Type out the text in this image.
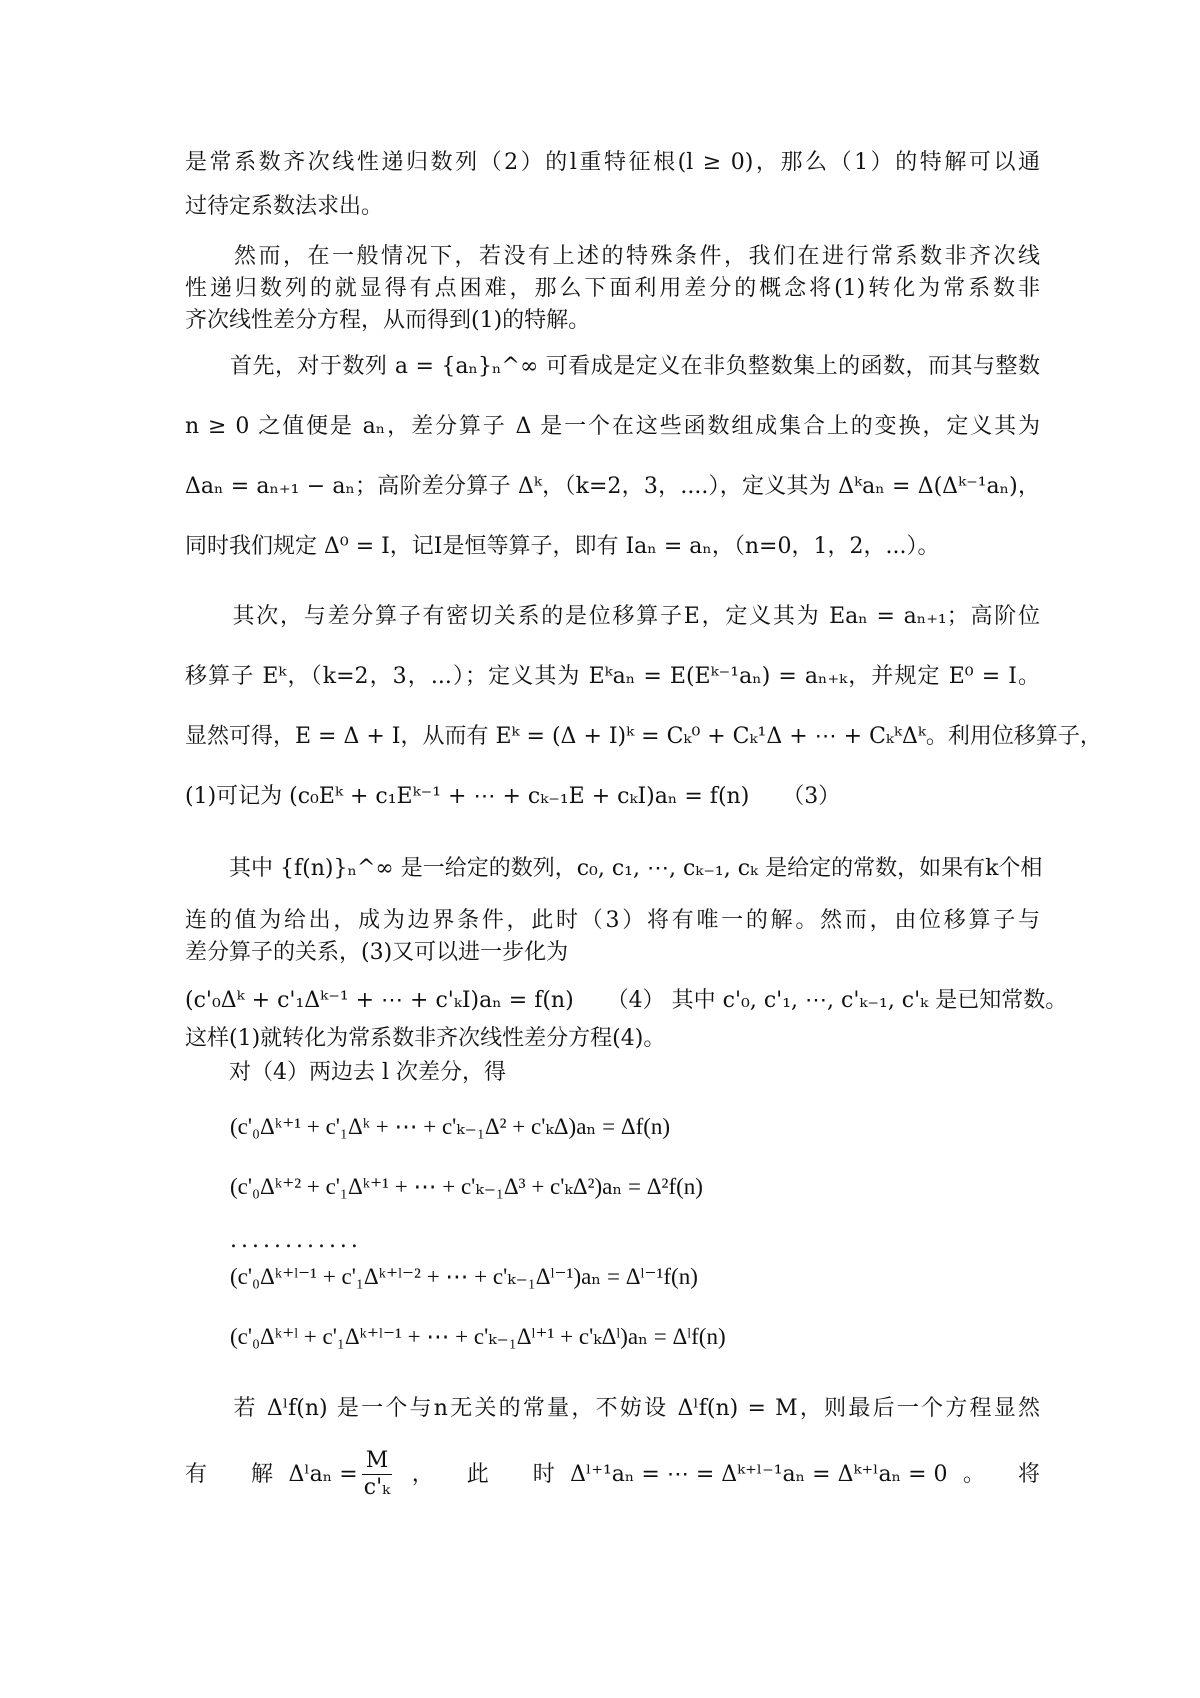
是常系数齐次线性递归数列（2）的l重特征根(l ≥ 0)，那么（1）的特解可以通
过待定系数法求出。
　　然而，在一般情况下，若没有上述的特殊条件，我们在进行常系数非齐次线
性递归数列的就显得有点困难，那么下面利用差分的概念将(1)转化为常系数非
齐次线性差分方程，从而得到(1)的特解。
　　首先，对于数列 a = {aₙ}ₙ^∞ 可看成是定义在非负整数集上的函数，而其与整数
n ≥ 0 之值便是 aₙ，差分算子 Δ 是一个在这些函数组成集合上的变换，定义其为
Δaₙ = aₙ₊₁ − aₙ；高阶差分算子 Δᵏ，（k=2，3，....），定义其为 Δᵏaₙ = Δ(Δᵏ⁻¹aₙ)，
同时我们规定 Δ⁰ = I，记I是恒等算子，即有 Iaₙ = aₙ，（n=0，1，2，...）。
　　其次，与差分算子有密切关系的是位移算子E，定义其为 Eaₙ = aₙ₊₁；高阶位
移算子 Eᵏ，（k=2，3，...）；定义其为 Eᵏaₙ = E(Eᵏ⁻¹aₙ) = aₙ₊ₖ，并规定 E⁰ = I。
显然可得，E = Δ + I，从而有 Eᵏ = (Δ + I)ᵏ = Cₖ⁰ + Cₖ¹Δ + ⋯ + CₖᵏΔᵏ。利用位移算子，
(1)可记为 (c₀Eᵏ + c₁Eᵏ⁻¹ + ⋯ + cₖ₋₁E + cₖI)aₙ = f(n)　　（3）
　　其中 {f(n)}ₙ^∞ 是一给定的数列，c₀, c₁, ⋯, cₖ₋₁, cₖ 是给定的常数，如果有k个相
连的值为给出，成为边界条件，此时（3）将有唯一的解。然而，由位移算子与
差分算子的关系，(3)又可以进一步化为
(c'₀Δᵏ + c'₁Δᵏ⁻¹ + ⋯ + c'ₖI)aₙ = f(n)　　（4） 其中 c'₀, c'₁, ⋯, c'ₖ₋₁, c'ₖ 是已知常数。
这样(1)就转化为常系数非齐次线性差分方程(4)。
　　对（4）两边去 l 次差分，得
(c'₀Δᵏ⁺¹ + c'₁Δᵏ + ⋯ + c'ₖ₋₁Δ² + c'ₖΔ)aₙ = Δf(n)
(c'₀Δᵏ⁺² + c'₁Δᵏ⁺¹ + ⋯ + c'ₖ₋₁Δ³ + c'ₖΔ²)aₙ = Δ²f(n)
............
(c'₀Δᵏ⁺ˡ⁻¹ + c'₁Δᵏ⁺ˡ⁻² + ⋯ + c'ₖ₋₁Δˡ⁻¹)aₙ = Δˡ⁻¹f(n)
(c'₀Δᵏ⁺ˡ + c'₁Δᵏ⁺ˡ⁻¹ + ⋯ + c'ₖ₋₁Δˡ⁺¹ + c'ₖΔˡ)aₙ = Δˡf(n)
　　若 Δˡf(n) 是一个与n无关的常量，不妨设 Δˡf(n) = M，则最后一个方程显然
有　　解 Δˡaₙ = $\frac{M}{\text{c'ₖ}}$ ，　　此　　时 Δˡ⁺¹aₙ = ⋯ = Δᵏ⁺ˡ⁻¹aₙ = Δᵏ⁺ˡaₙ = 0 。　　将
